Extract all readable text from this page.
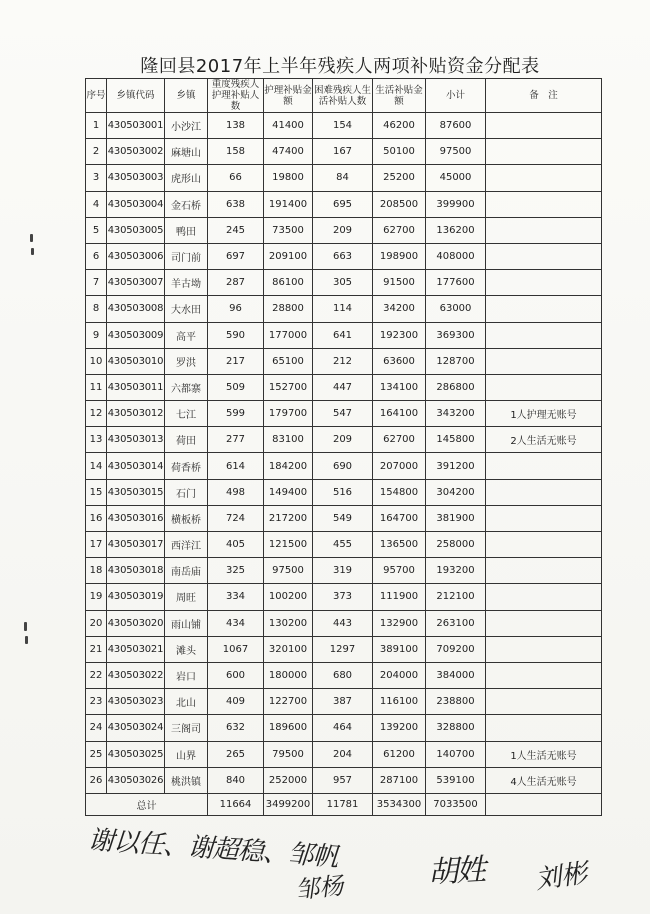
隆回县2017年上半年残疾人两项补贴资金分配表
序号	乡镇代码	乡镇	重度残疾人护理补贴人数	护理补贴金　额	困难残疾人生活补贴人数	生活补贴金　额	小计	备　注
1	430503001	小沙江	138	41400	154	46200	87600	
2	430503002	麻塘山	158	47400	167	50100	97500	
3	430503003	虎形山	66	19800	84	25200	45000	
4	430503004	金石桥	638	191400	695	208500	399900	
5	430503005	鸭田	245	73500	209	62700	136200	
6	430503006	司门前	697	209100	663	198900	408000	
7	430503007	羊古坳	287	86100	305	91500	177600	
8	430503008	大水田	96	28800	114	34200	63000	
9	430503009	高平	590	177000	641	192300	369300	
10	430503010	罗洪	217	65100	212	63600	128700	
11	430503011	六都寨	509	152700	447	134100	286800	
12	430503012	七江	599	179700	547	164100	343200	1人护理无账号
13	430503013	荷田	277	83100	209	62700	145800	2人生活无账号
14	430503014	荷香桥	614	184200	690	207000	391200	
15	430503015	石门	498	149400	516	154800	304200	
16	430503016	横板桥	724	217200	549	164700	381900	
17	430503017	西洋江	405	121500	455	136500	258000	
18	430503018	南岳庙	325	97500	319	95700	193200	
19	430503019	周旺	334	100200	373	111900	212100	
20	430503020	雨山铺	434	130200	443	132900	263100	
21	430503021	滩头	1067	320100	1297	389100	709200	
22	430503022	岩口	600	180000	680	204000	384000	
23	430503023	北山	409	122700	387	116100	238800	
24	430503024	三阁司	632	189600	464	139200	328800	
25	430503025	山界	265	79500	204	61200	140700	1人生活无账号
26	430503026	桃洪镇	840	252000	957	287100	539100	4人生活无账号
总计			11664	3499200	11781	3534300	7033500	
谢以任、谢超稳、邹帆
邹杨	胡姓 刘彬
